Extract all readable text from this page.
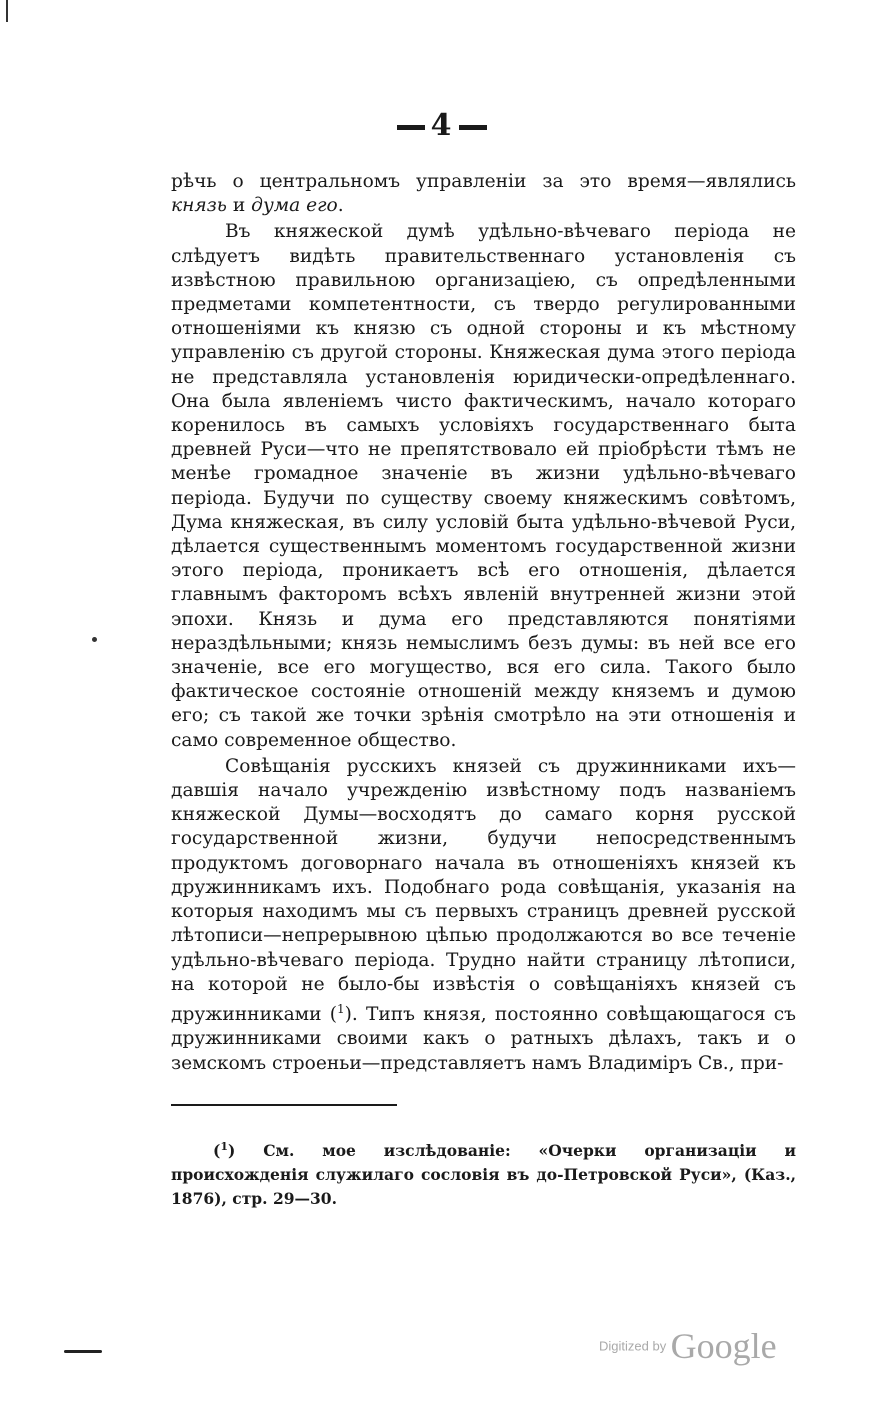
4

рѣчь о центральномъ управленіи за это время—являлись князь и дума его.

Въ княжеской думѣ удѣльно-вѣчеваго періода не слѣдуетъ видѣть правительственнаго установленія съ извѣстною правильною организаціею, съ опредѣленными предметами компетентности, съ твердо регулированными отношеніями къ князю съ одной стороны и къ мѣстному управленію съ другой стороны. Княжеская дума этого періода не представляла установленія юридически-опредѣленнаго. Она была явленіемъ чисто фактическимъ, начало котораго коренилось въ самыхъ условіяхъ государственнаго быта древней Руси—что не препятствовало ей пріобрѣсти тѣмъ не менѣе громадное значеніе въ жизни удѣльно-вѣчеваго періода. Будучи по существу своему княжескимъ совѣтомъ, Дума княжеская, въ силу условій быта удѣльно-вѣчевой Руси, дѣлается существеннымъ моментомъ государственной жизни этого періода, проникаетъ всѣ его отношенія, дѣлается главнымъ факторомъ всѣхъ явленій внутренней жизни этой эпохи. Князь и дума его представляются понятіями нераздѣльными; князь немыслимъ безъ думы: въ ней все его значеніе, все его могущество, вся его сила. Такого было фактическое состояніе отношеній между княземъ и думою его; съ такой же точки зрѣнія смотрѣло на эти отношенія и само современное общество.

Совѣщанія русскихъ князей съ дружинниками ихъ—давшія начало учрежденію извѣстному подъ названіемъ княжеской Думы—восходятъ до самаго корня русской государственной жизни, будучи непосредственнымъ продуктомъ договорнаго начала въ отношеніяхъ князей къ дружинникамъ ихъ. Подобнаго рода совѣщанія, указанія на которыя находимъ мы съ первыхъ страницъ древней русской лѣтописи—непрерывною цѣпью продолжаются во все теченіе удѣльно-вѣчеваго періода. Трудно найти страницу лѣтописи, на которой не было-бы извѣстія о совѣщаніяхъ князей съ дружинниками ($^1$). Типъ князя, постоянно совѣщающагося съ дружинниками своими какъ о ратныхъ дѣлахъ, такъ и о земскомъ строеньи—представляетъ намъ Владиміръ Св., при-

($^1$) См. мое изслѣдованіе: «Очерки организаціи и происхожденія служилаго сословія въ до-Петровской Руси», (Каз., 1876), стр. 29—30.
Digitized by Google
